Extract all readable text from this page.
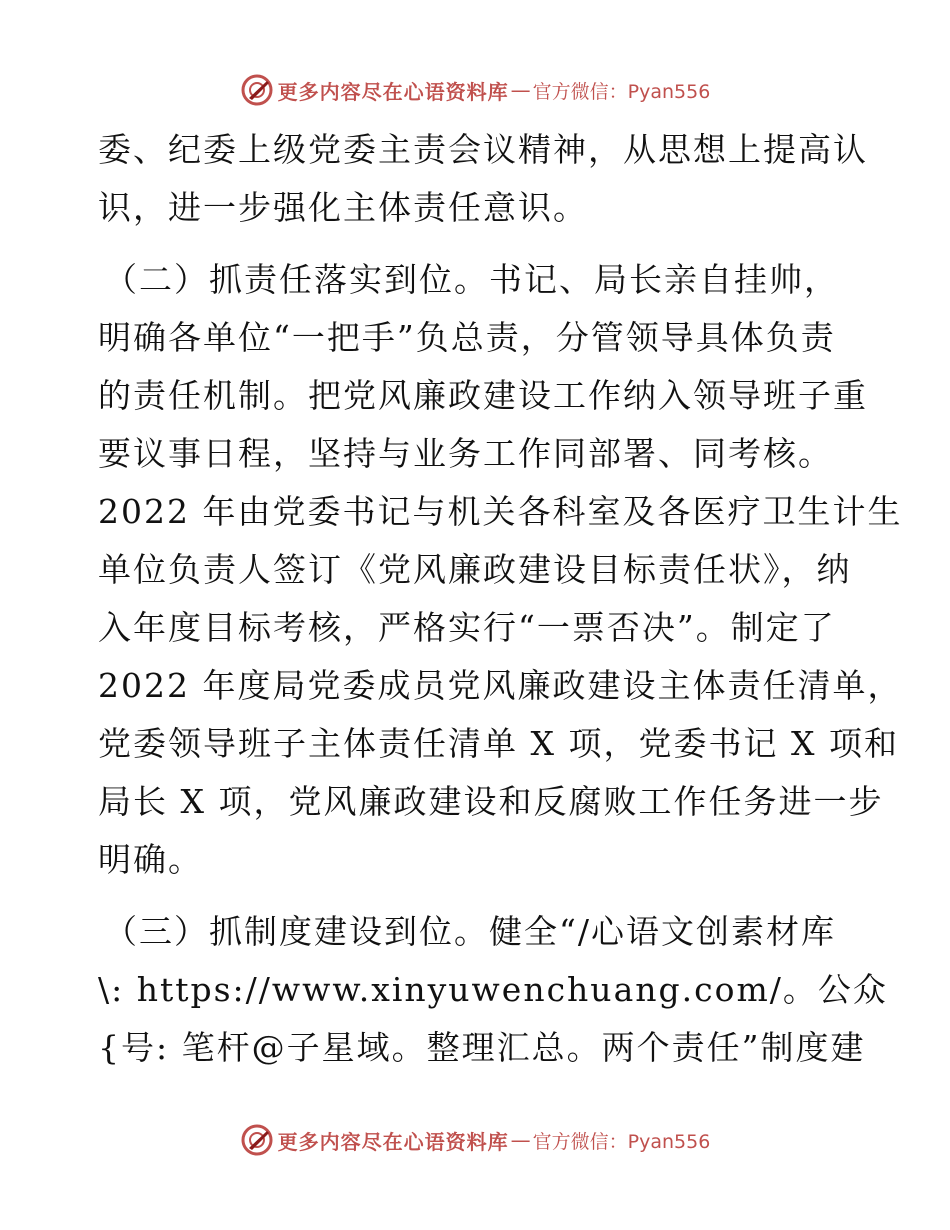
更多内容尽在心语资料库 — 官方微信：Pyan556
委、纪委上级党委主责会议精神，从思想上提高认
识，进一步强化主体责任意识。
（二）抓责任落实到位。书记、局长亲自挂帅，
明确各单位“一把手”负总责，分管领导具体负责
的责任机制。把党风廉政建设工作纳入领导班子重
要议事日程，坚持与业务工作同部署、同考核。
2022 年由党委书记与机关各科室及各医疗卫生计生
单位负责人签订《党风廉政建设目标责任状》，纳
入年度目标考核，严格实行“一票否决”。制定了
2022 年度局党委成员党风廉政建设主体责任清单，
党委领导班子主体责任清单 X 项，党委书记 X 项和
局长 X 项，党风廉政建设和反腐败工作任务进一步
明确。
（三）抓制度建设到位。健全“/心语文创素材库
\: https://www.xinyuwenchuang.com/。公众
{号: 笔杆@子星域。整理汇总。两个责任”制度建
更多内容尽在心语资料库 — 官方微信：Pyan556
